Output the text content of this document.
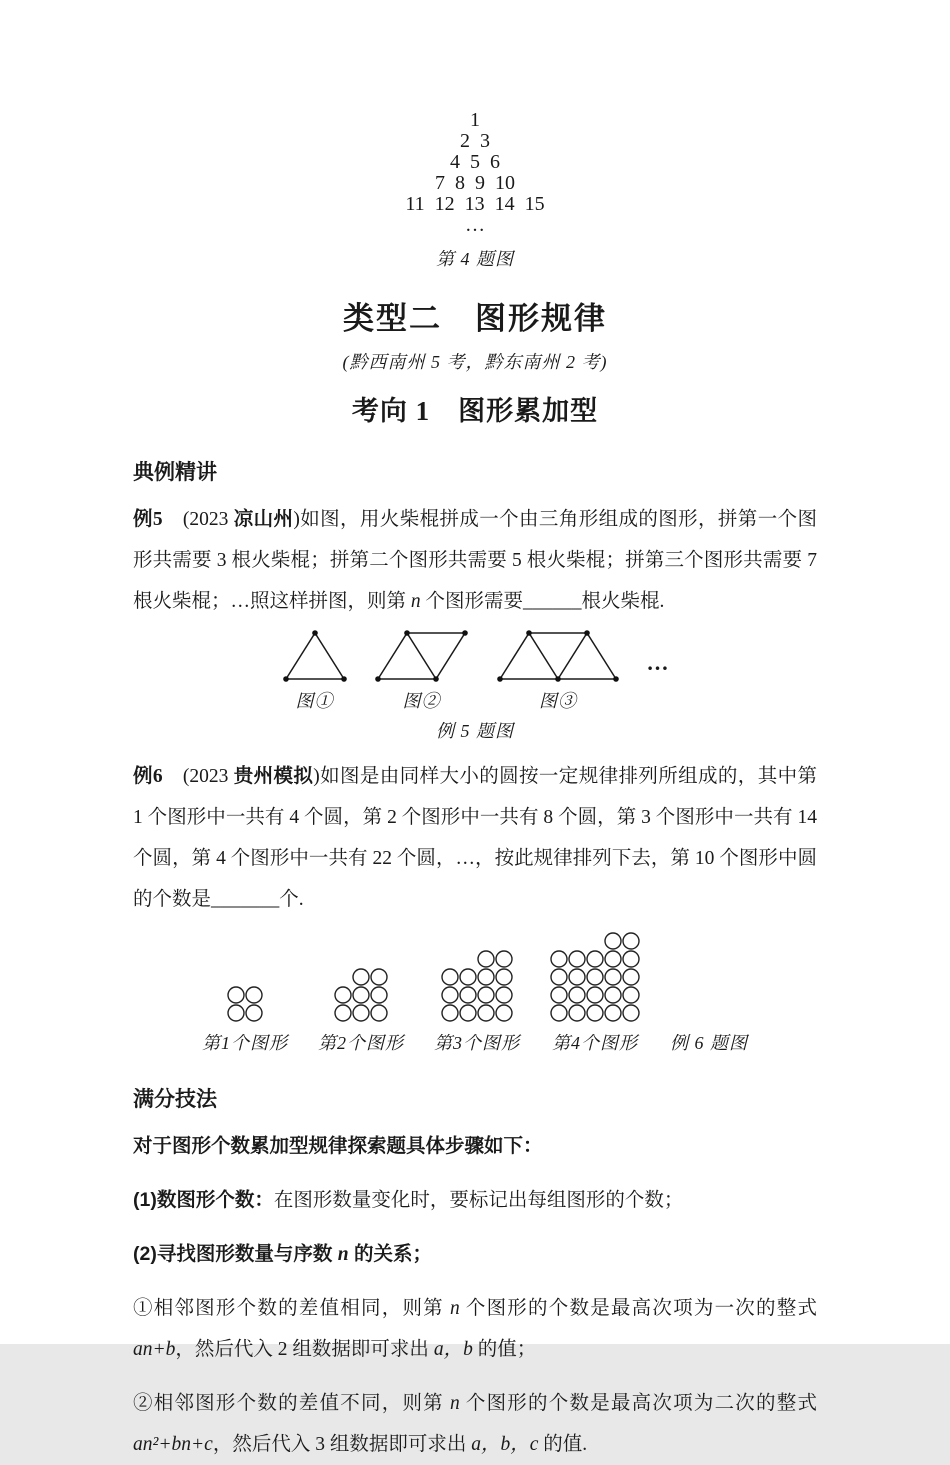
1
2  3
4  5  6
7  8  9  10
11  12  13  14  15
…
第 4 题图
类型二　图形规律
(黔西南州 5 考，黔东南州 2 考)
考向 1　图形累加型
典例精讲

例5　(2023 凉山州)如图，用火柴棍拼成一个由三角形组成的图形，拼第一个图形共需要 3 根火柴棍；拼第二个图形共需要 5 根火柴棍；拼第三个图形共需要 7 根火柴棍；…照这样拼图，则第 n 个图形需要______根火柴棍.

图①	图②	图③
…
例 5 题图

例6　(2023 贵州模拟)如图是由同样大小的圆按一定规律排列所组成的，其中第 1 个图形中一共有 4 个圆，第 2 个图形中一共有 8 个圆，第 3 个图形中一共有 14 个圆，第 4 个图形中一共有 22 个圆，…，按此规律排列下去，第 10 个图形中圆的个数是_______个.

第1个图形 第2个图形 第3个图形 第4个图形 例 6 题图
满分技法

对于图形个数累加型规律探索题具体步骤如下：

(1)数图形个数：在图形数量变化时，要标记出每组图形的个数；

(2)寻找图形数量与序数 n 的关系；

①相邻图形个数的差值相同，则第 n 个图形的个数是最高次项为一次的整式 an+b，然后代入 2 组数据即可求出 a，b 的值；

②相邻图形个数的差值不同，则第 n 个图形的个数是最高次项为二次的整式 an²+bn+c，然后代入 3 组数据即可求出 a，b，c 的值.
